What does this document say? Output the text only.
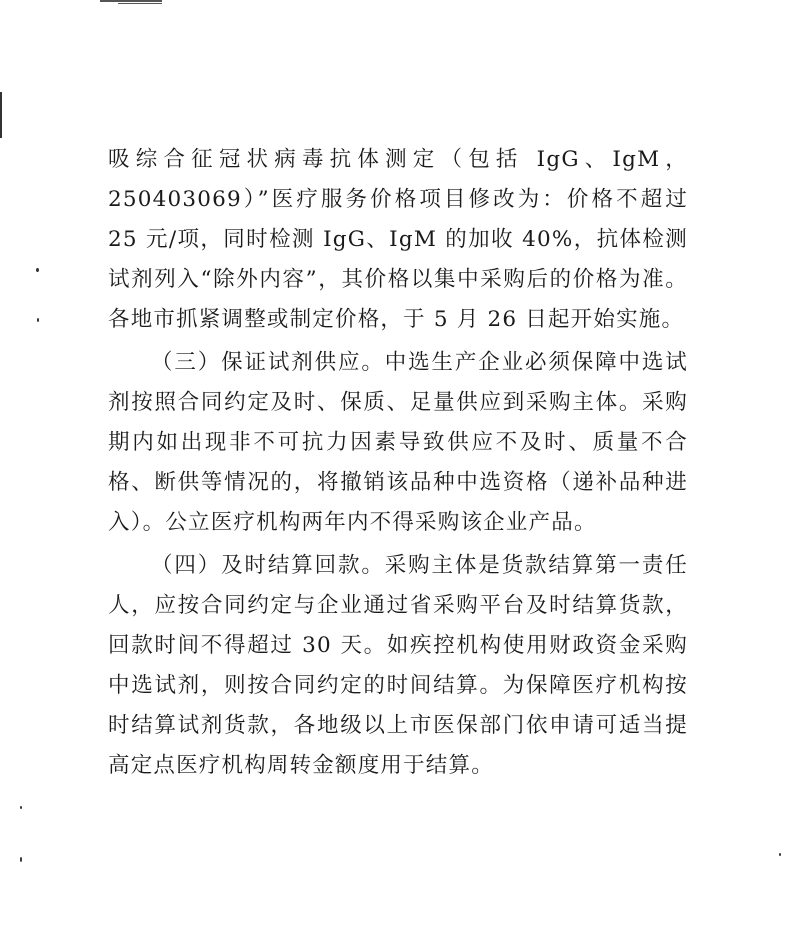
吸综合征冠状病毒抗体测定（包括 IgG、IgM，250403069）”医疗服务价格项目修改为：价格不超过 25 元/项，同时检测 IgG、IgM 的加收 40%，抗体检测试剂列入“除外内容”，其价格以集中采购后的价格为准。各地市抓紧调整或制定价格，于 5 月 26 日起开始实施。

（三）保证试剂供应。中选生产企业必须保障中选试剂按照合同约定及时、保质、足量供应到采购主体。采购期内如出现非不可抗力因素导致供应不及时、质量不合格、断供等情况的，将撤销该品种中选资格（递补品种进入）。公立医疗机构两年内不得采购该企业产品。

（四）及时结算回款。采购主体是货款结算第一责任人，应按合同约定与企业通过省采购平台及时结算货款，回款时间不得超过 30 天。如疾控机构使用财政资金采购中选试剂，则按合同约定的时间结算。为保障医疗机构按时结算试剂货款，各地级以上市医保部门依申请可适当提高定点医疗机构周转金额度用于结算。
